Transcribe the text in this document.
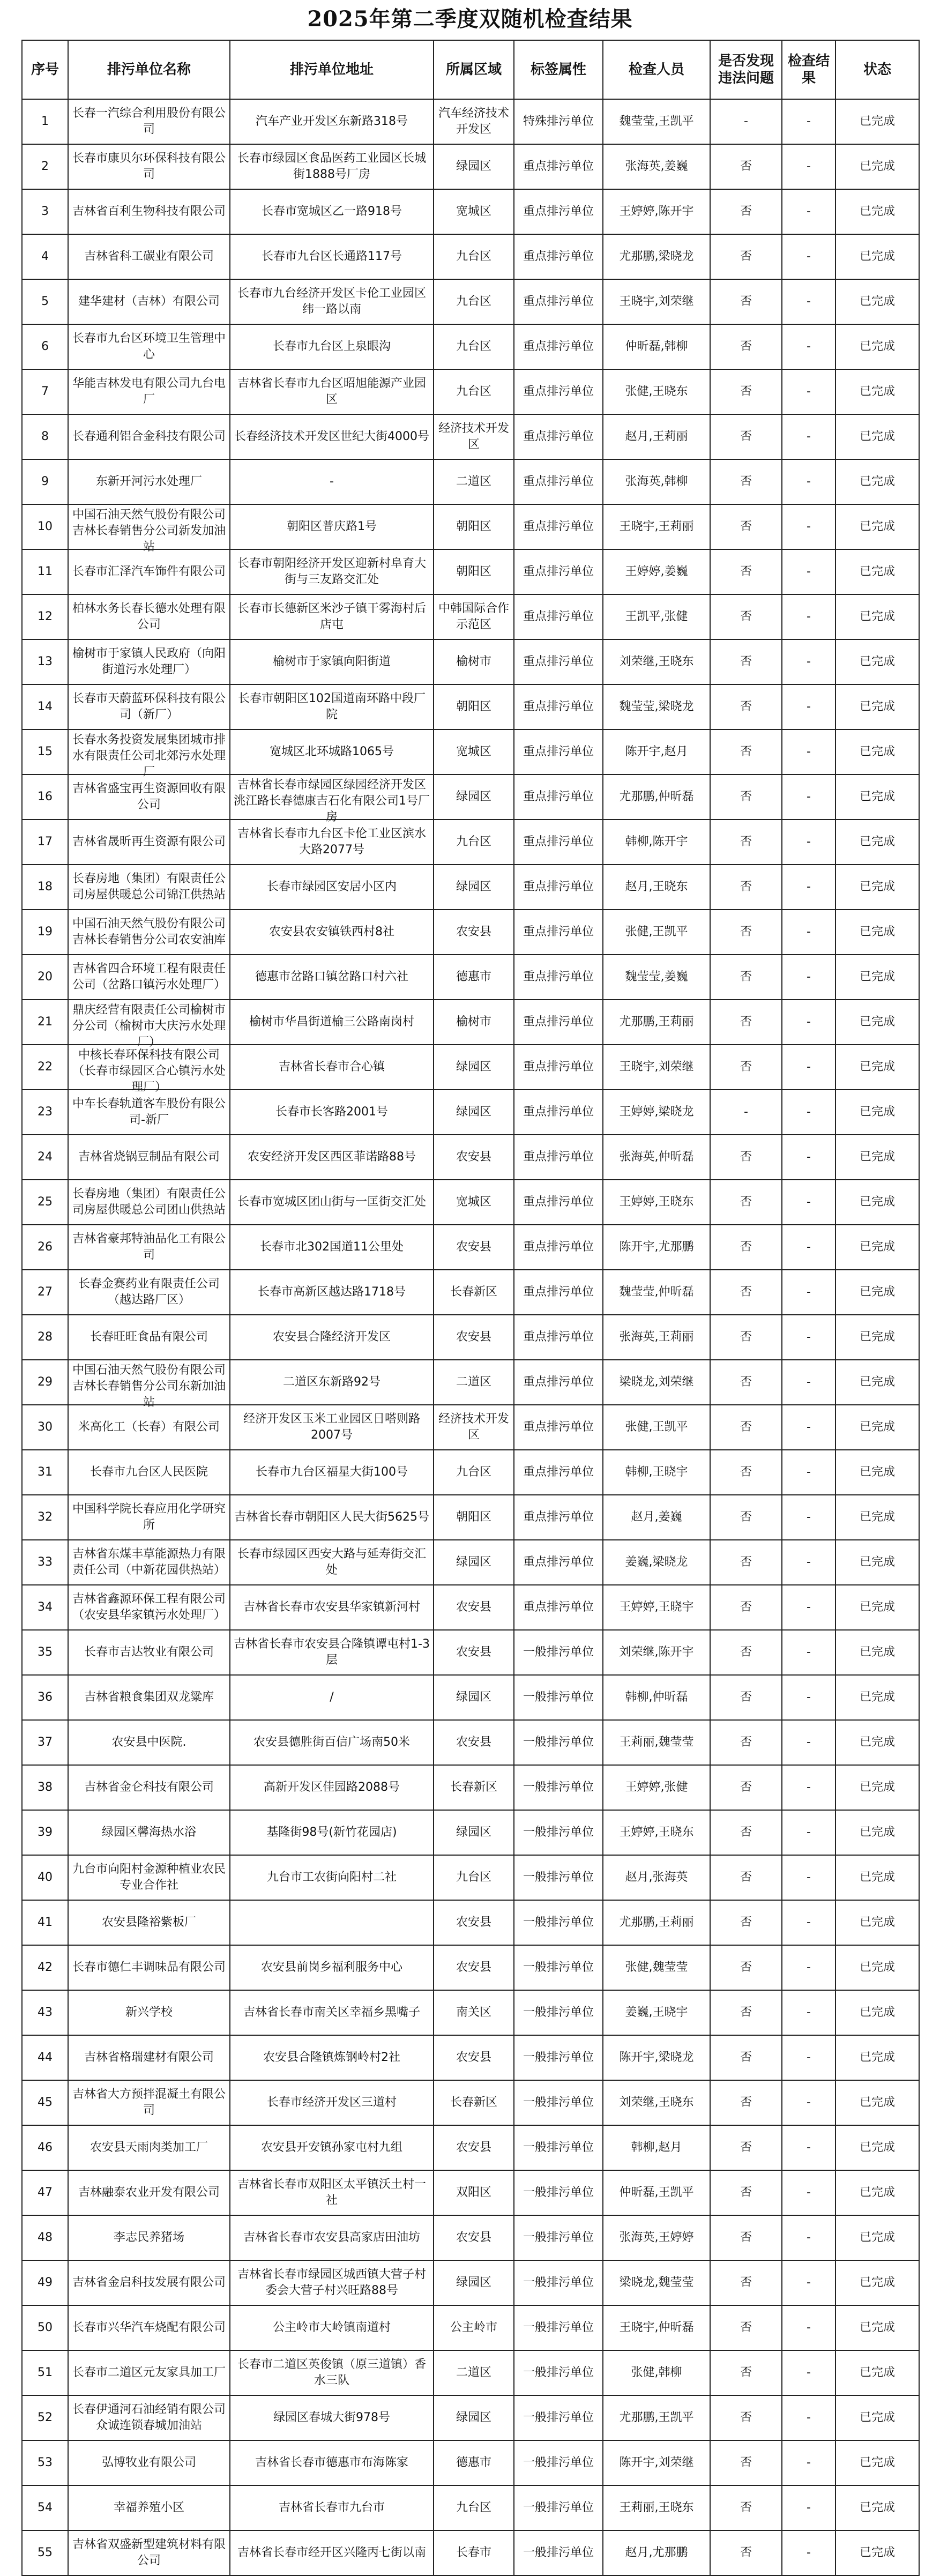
2025年第二季度双随机检查结果
序号	排污单位名称	排污单位地址	所属区域	标签属性	检查人员	是否发现违法问题	检查结果	状态

1	长春一汽综合利用股份有限公司	汽车产业开发区东新路318号	汽车经济技术开发区	特殊排污单位	魏莹莹,王凯平	-	-	已完成

2	长春市康贝尔环保科技有限公司	长春市绿园区食品医药工业园区长城街1888号厂房	绿园区	重点排污单位	张海英,姜巍	否	-	已完成

3	吉林省百利生物科技有限公司	长春市宽城区乙一路918号	宽城区	重点排污单位	王婷婷,陈开宇	否	-	已完成

4	吉林省科工碳业有限公司	长春市九台区长通路117号	九台区	重点排污单位	尤那鹏,梁晓龙	否	-	已完成

5	建华建材（吉林）有限公司	长春市九台经济开发区卡伦工业园区纬一路以南	九台区	重点排污单位	王晓宇,刘荣继	否	-	已完成

6	长春市九台区环境卫生管理中心	长春市九台区上泉眼沟	九台区	重点排污单位	仲昕磊,韩柳	否	-	已完成

7	华能吉林发电有限公司九台电厂	吉林省长春市九台区昭旭能源产业园区	九台区	重点排污单位	张健,王晓东	否	-	已完成

8	长春通利铝合金科技有限公司	长春经济技术开发区世纪大街4000号	经济技术开发区	重点排污单位	赵月,王莉丽	否	-	已完成

9	东新开河污水处理厂	-	二道区	重点排污单位	张海英,韩柳	否	-	已完成

10	中国石油天然气股份有限公司吉林长春销售分公司新发加油站	朝阳区普庆路1号	朝阳区	重点排污单位	王晓宇,王莉丽	否	-	已完成

11	长春市汇泽汽车饰件有限公司	长春市朝阳经济开发区迎新村阜育大街与三友路交汇处	朝阳区	重点排污单位	王婷婷,姜巍	否	-	已完成

12	柏林水务长春长德水处理有限公司	长春市长德新区米沙子镇干雾海村后店屯	中韩国际合作示范区	重点排污单位	王凯平,张健	否	-	已完成

13	榆树市于家镇人民政府（向阳街道污水处理厂）	榆树市于家镇向阳街道	榆树市	重点排污单位	刘荣继,王晓东	否	-	已完成

14	长春市天蔚蓝环保科技有限公司（新厂）	长春市朝阳区102国道南环路中段厂院	朝阳区	重点排污单位	魏莹莹,梁晓龙	否	-	已完成

15	长春水务投资发展集团城市排水有限责任公司北郊污水处理厂	宽城区北环城路1065号	宽城区	重点排污单位	陈开宇,赵月	否	-	已完成

16	吉林省盛宝再生资源回收有限公司	吉林省长春市绿园区绿园经济开发区洮江路长春德康吉石化有限公司1号厂房	绿园区	重点排污单位	尤那鹏,仲昕磊	否	-	已完成

17	吉林省晟昕再生资源有限公司	吉林省长春市九台区卡伦工业区滨水大路2077号	九台区	重点排污单位	韩柳,陈开宇	否	-	已完成

18	长春房地（集团）有限责任公司房屋供暖总公司锦江供热站	长春市绿园区安居小区内	绿园区	重点排污单位	赵月,王晓东	否	-	已完成

19	中国石油天然气股份有限公司吉林长春销售分公司农安油库	农安县农安镇铁西村8社	农安县	重点排污单位	张健,王凯平	否	-	已完成

20	吉林省四合环境工程有限责任公司（岔路口镇污水处理厂）	德惠市岔路口镇岔路口村六社	德惠市	重点排污单位	魏莹莹,姜巍	否	-	已完成

21	鼎庆经营有限责任公司榆树市分公司（榆树市大庆污水处理厂）	榆树市华昌街道榆三公路南岗村	榆树市	重点排污单位	尤那鹏,王莉丽	否	-	已完成

22	中核长春环保科技有限公司（长春市绿园区合心镇污水处理厂）	吉林省长春市合心镇	绿园区	重点排污单位	王晓宇,刘荣继	否	-	已完成

23	中车长春轨道客车股份有限公司-新厂	长春市长客路2001号	绿园区	重点排污单位	王婷婷,梁晓龙	-	-	已完成

24	吉林省烧锅豆制品有限公司	农安经济开发区西区菲诺路88号	农安县	重点排污单位	张海英,仲昕磊	否	-	已完成

25	长春房地（集团）有限责任公司房屋供暖总公司团山供热站	长春市宽城区团山街与一匡街交汇处	宽城区	重点排污单位	王婷婷,王晓东	否	-	已完成

26	吉林省豪邦特油品化工有限公司	长春市北302国道11公里处	农安县	重点排污单位	陈开宇,尤那鹏	否	-	已完成

27	长春金赛药业有限责任公司（越达路厂区）	长春市高新区越达路1718号	长春新区	重点排污单位	魏莹莹,仲昕磊	否	-	已完成

28	长春旺旺食品有限公司	农安县合隆经济开发区	农安县	重点排污单位	张海英,王莉丽	否	-	已完成

29	中国石油天然气股份有限公司吉林长春销售分公司东新加油站	二道区东新路92号	二道区	重点排污单位	梁晓龙,刘荣继	否	-	已完成

30	米高化工（长春）有限公司	经济开发区玉米工业园区日嗒则路2007号	经济技术开发区	重点排污单位	张健,王凯平	否	-	已完成

31	长春市九台区人民医院	长春市九台区福星大街100号	九台区	重点排污单位	韩柳,王晓宇	否	-	已完成

32	中国科学院长春应用化学研究所	吉林省长春市朝阳区人民大街5625号	朝阳区	重点排污单位	赵月,姜巍	否	-	已完成

33	吉林省东煤丰草能源热力有限责任公司（中新花园供热站）	长春市绿园区西安大路与延寿街交汇处	绿园区	重点排污单位	姜巍,梁晓龙	否	-	已完成

34	吉林省鑫源环保工程有限公司（农安县华家镇污水处理厂）	吉林省长春市农安县华家镇新河村	农安县	重点排污单位	王婷婷,王晓宇	否	-	已完成

35	长春市吉达牧业有限公司	吉林省长春市农安县合隆镇谭屯村1-3层	农安县	一般排污单位	刘荣继,陈开宇	否	-	已完成

36	吉林省粮食集团双龙粱库	/	绿园区	一般排污单位	韩柳,仲昕磊	否	-	已完成

37	农安县中医院.	农安县德胜街百信广场南50米	农安县	一般排污单位	王莉丽,魏莹莹	否	-	已完成

38	吉林省金仑科技有限公司	高新开发区佳园路2088号	长春新区	一般排污单位	王婷婷,张健	否	-	已完成

39	绿园区馨海热水浴	基隆街98号(新竹花园店)	绿园区	一般排污单位	王婷婷,王晓东	否	-	已完成

40	九台市向阳村金源种植业农民专业合作社	九台市工农街向阳村二社	九台区	一般排污单位	赵月,张海英	否	-	已完成

41	农安县隆裕紫板厂		农安县	一般排污单位	尤那鹏,王莉丽	否	-	已完成

42	长春市德仁丰调味品有限公司	农安县前岗乡福利服务中心	农安县	一般排污单位	张健,魏莹莹	否	-	已完成

43	新兴学校	吉林省长春市南关区幸福乡黑嘴子	南关区	一般排污单位	姜巍,王晓宇	否	-	已完成

44	吉林省格瑞建材有限公司	农安县合隆镇炼钢岭村2社	农安县	一般排污单位	陈开宇,梁晓龙	否	-	已完成

45	吉林省大方预拌混凝土有限公司	长春市经济开发区三道村	长春新区	一般排污单位	刘荣继,王晓东	否	-	已完成

46	农安县天雨肉类加工厂	农安县开安镇孙家屯村九组	农安县	一般排污单位	韩柳,赵月	否	-	已完成

47	吉林融泰农业开发有限公司	吉林省长春市双阳区太平镇沃土村一社	双阳区	一般排污单位	仲昕磊,王凯平	否	-	已完成

48	李志民养猪场	吉林省长春市农安县高家店田油坊	农安县	一般排污单位	张海英,王婷婷	否	-	已完成

49	吉林省金启科技发展有限公司	吉林省长春市绿园区城西镇大营子村委会大营子村兴旺路88号	绿园区	一般排污单位	梁晓龙,魏莹莹	否	-	已完成

50	长春市兴华汽车烧配有限公司	公主岭市大岭镇南道村	公主岭市	一般排污单位	王晓宇,仲昕磊	否	-	已完成

51	长春市二道区元友家具加工厂	长春市二道区英俊镇（原三道镇）香水三队	二道区	一般排污单位	张健,韩柳	否	-	已完成

52	长春伊通河石油经销有限公司众诚连锁春城加油站	绿园区春城大街978号	绿园区	一般排污单位	尤那鹏,王凯平	否	-	已完成

53	弘博牧业有限公司	吉林省长春市德惠市布海陈家	德惠市	一般排污单位	陈开宇,刘荣继	否	-	已完成

54	幸福养殖小区	吉林省长春市九台市	九台区	一般排污单位	王莉丽,王晓东	否	-	已完成

55	吉林省双盛新型建筑材料有限公司	吉林省长春市经开区兴隆丙七街以南	长春市	一般排污单位	赵月,尤那鹏	否	-	已完成
